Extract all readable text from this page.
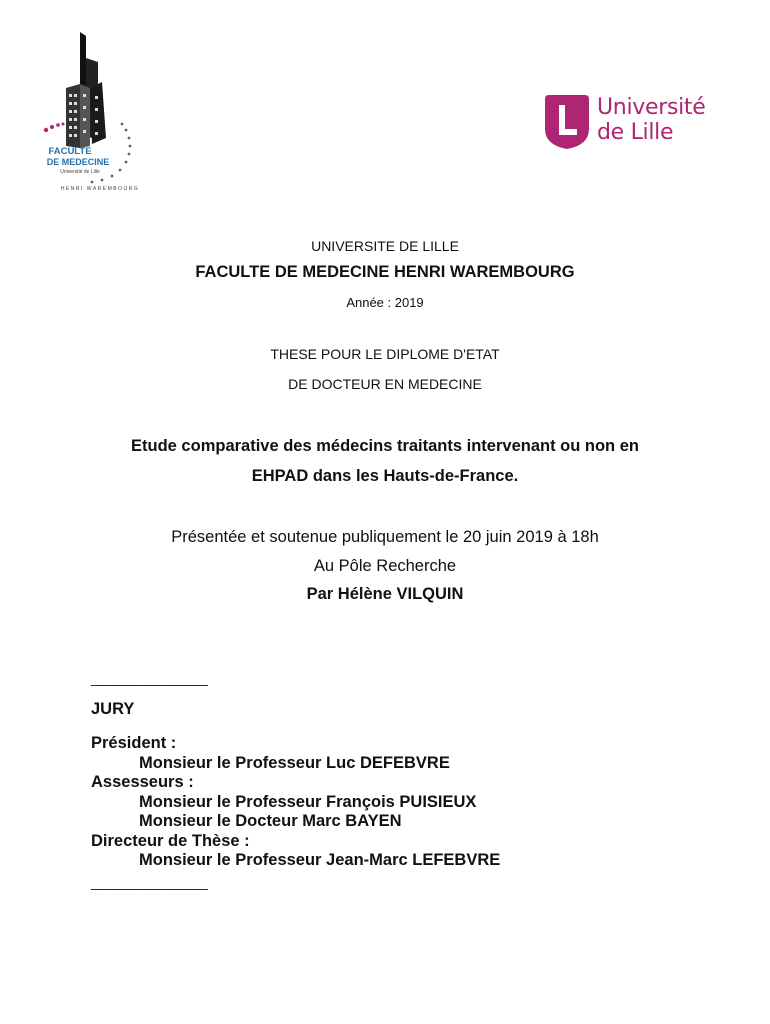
FACULTE
DE MEDECINE
Université de Lille
HENRI WAREMBOURG
Université
de Lille
UNIVERSITE DE LILLE
FACULTE DE MEDECINE HENRI WAREMBOURG
Année : 2019
THESE POUR LE DIPLOME D'ETAT
DE DOCTEUR EN MEDECINE
Etude comparative des médecins traitants intervenant ou non en
EHPAD dans les Hauts-de-France.
Présentée et soutenue publiquement le 20 juin 2019 à 18h
Au Pôle Recherche
Par Hélène VILQUIN
_______________
JURY
Président :
Monsieur le Professeur Luc DEFEBVRE
Assesseurs :
Monsieur le Professeur François PUISIEUX
Monsieur le Docteur Marc BAYEN
Directeur de Thèse :
Monsieur le Professeur Jean-Marc LEFEBVRE
_______________
